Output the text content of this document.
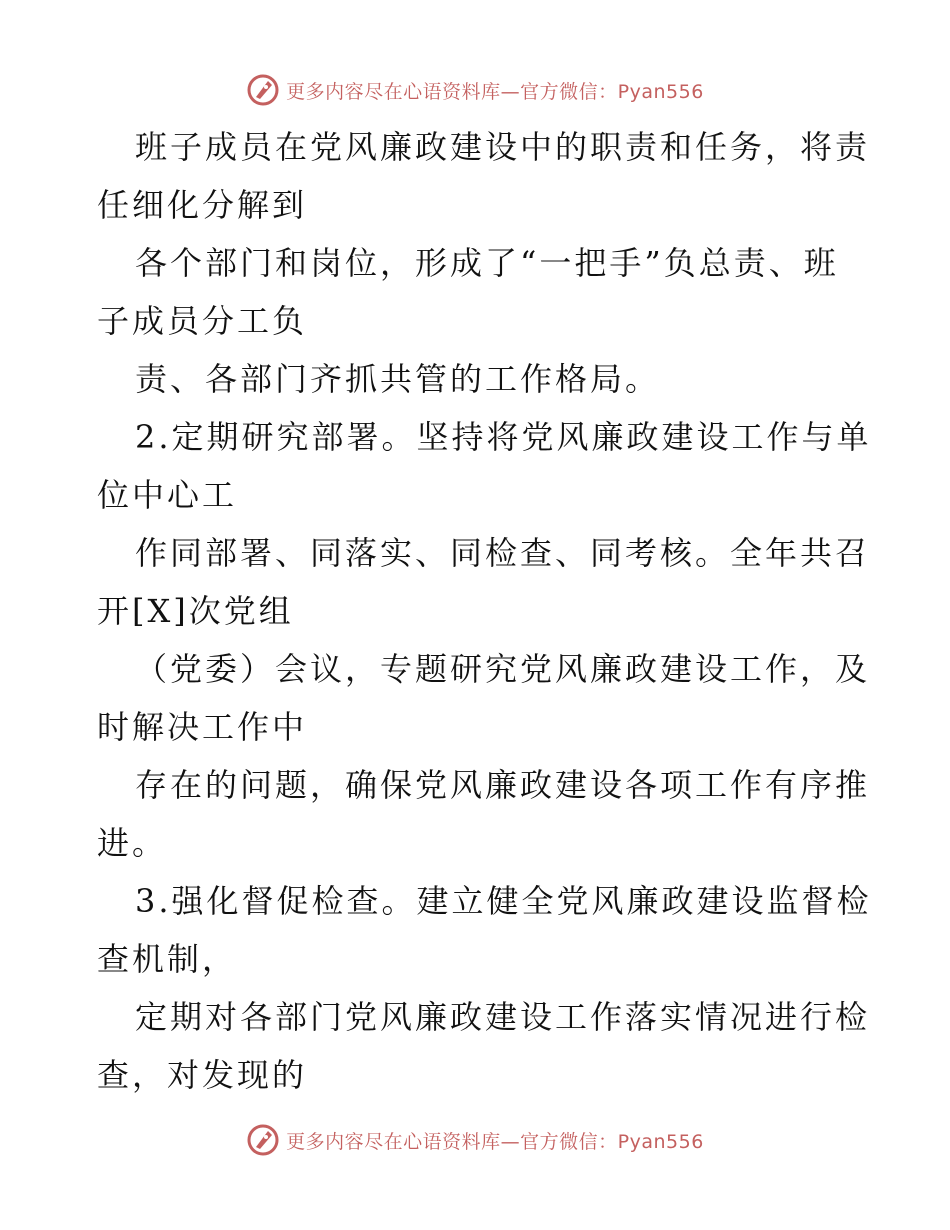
更多内容尽在心语资料库—官方微信：Pyan556

班子成员在党风廉政建设中的职责和任务，将责

任细化分解到

各个部门和岗位，形成了“一把手”负总责、班

子成员分工负

责、各部门齐抓共管的工作格局。

2.定期研究部署。坚持将党风廉政建设工作与单

位中心工

作同部署、同落实、同检查、同考核。全年共召

开[X]次党组

（党委）会议，专题研究党风廉政建设工作，及

时解决工作中

存在的问题，确保党风廉政建设各项工作有序推

进。

3.强化督促检查。建立健全党风廉政建设监督检

查机制，

定期对各部门党风廉政建设工作落实情况进行检

查，对发现的

更多内容尽在心语资料库—官方微信：Pyan556
